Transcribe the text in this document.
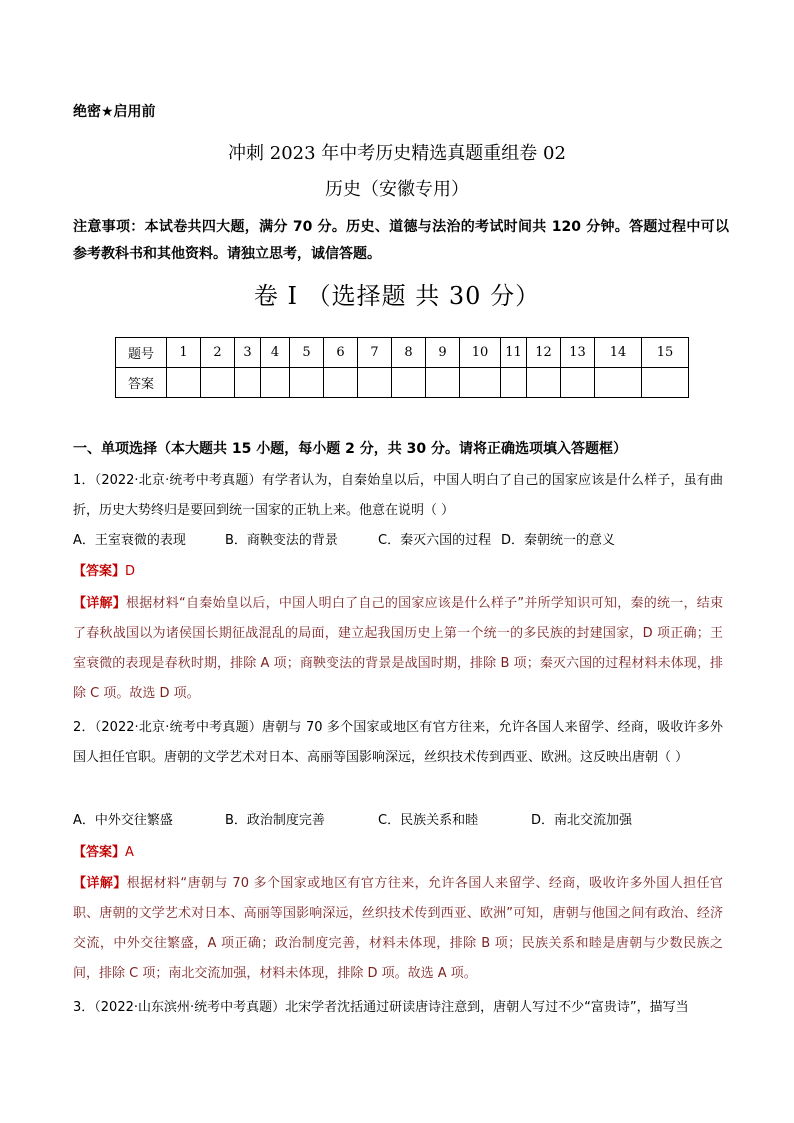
绝密★启用前
冲刺 2023 年中考历史精选真题重组卷 02
历史（安徽专用）
注意事项：本试卷共四大题，满分 70 分。历史、道德与法治的考试时间共 120 分钟。答题过程中可以参考教科书和其他资料。请独立思考，诚信答题。
卷 I （选择题 共 30 分）
题号	1	2	3	4	5	6	7	8	9	10	11	12	13	14	15
答案															
一、单项选择（本大题共 15 小题，每小题 2 分，共 30 分。请将正确选项填入答题框）
1．（2022·北京·统考中考真题）有学者认为，自秦始皇以后，中国人明白了自己的国家应该是什么样子，虽有曲折，历史大势终归是要回到统一国家的正轨上来。他意在说明（ ）
A．王室衰微的表现	B．商鞅变法的背景	C．秦灭六国的过程 D．秦朝统一的意义
【答案】D
【详解】根据材料“自秦始皇以后，中国人明白了自己的国家应该是什么样子”并所学知识可知，秦的统一，结束了春秋战国以为诸侯国长期征战混乱的局面，建立起我国历史上第一个统一的多民族的封建国家，D 项正确；王室衰微的表现是春秋时期，排除 A 项；商鞅变法的背景是战国时期，排除 B 项；秦灭六国的过程材料未体现，排除 C 项。故选 D 项。
2．（2022·北京·统考中考真题）唐朝与 70 多个国家或地区有官方往来，允许各国人来留学、经商，吸收许多外国人担任官职。唐朝的文学艺术对日本、高丽等国影响深远，丝织技术传到西亚、欧洲。这反映出唐朝（ ）
A．中外交往繁盛	B．政治制度完善	C．民族关系和睦	D．南北交流加强
【答案】A
【详解】根据材料“唐朝与 70 多个国家或地区有官方往来，允许各国人来留学、经商，吸收许多外国人担任官职、唐朝的文学艺术对日本、高丽等国影响深远，丝织技术传到西亚、欧洲”可知，唐朝与他国之间有政治、经济交流，中外交往繁盛，A 项正确；政治制度完善，材料未体现，排除 B 项；民族关系和睦是唐朝与少数民族之间，排除 C 项；南北交流加强，材料未体现，排除 D 项。故选 A 项。
3．（2022·山东滨州·统考中考真题）北宋学者沈括通过研读唐诗注意到，唐朝人写过不少“富贵诗”，描写当
